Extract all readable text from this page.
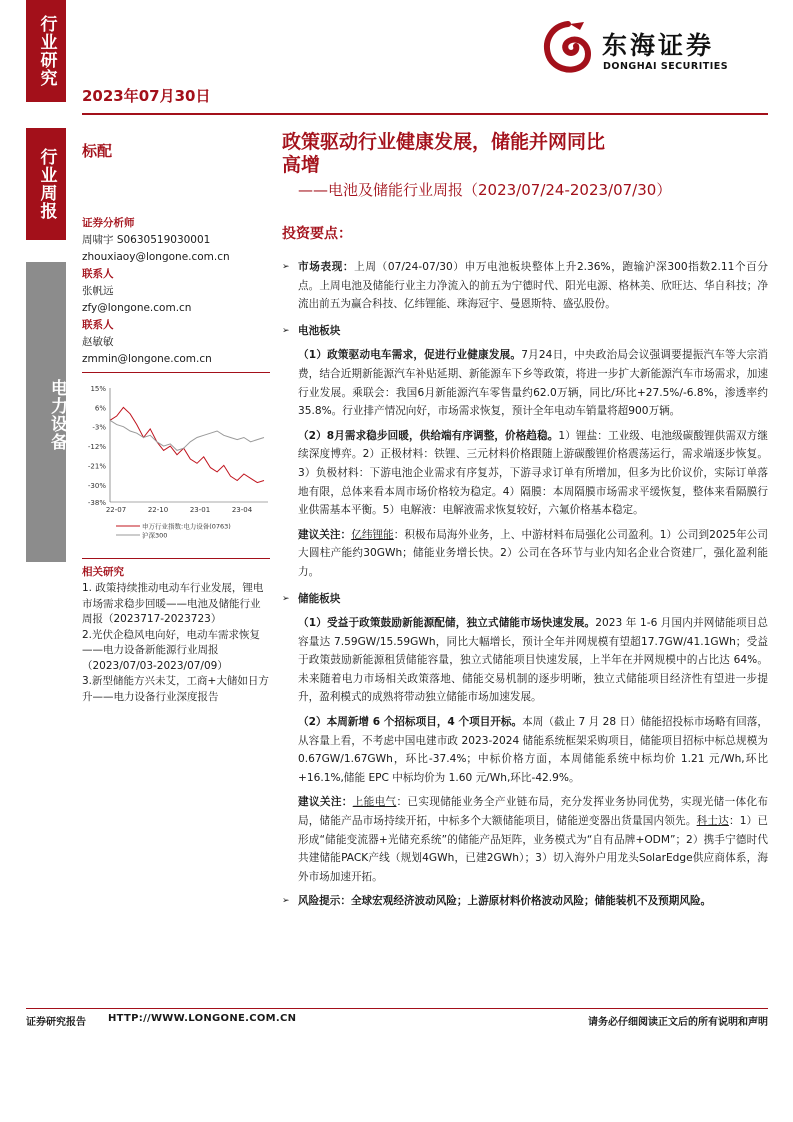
行业研究
行业周报
电力设备
2023年07月30日
东海证券
DONGHAI SECURITIES
标配	政策驱动行业健康发展，储能并网同比
高增
——电池及储能行业周报（2023/07/24-2023/07/30）

证券分析师

周啸宇 S0630519030001

zhouxiaoy@longone.com.cn

联系人

张帆远

zfy@longone.com.cn

联系人

赵敏敏

zmmin@longone.com.cn

15%
6%
-3%
-12%
-21%
-30%
-38%
22-07	22-10	23-01	23-04
申万行业指数:电力设备(0763)
沪深300

相关研究

1. 政策持续推动电动车行业发展，锂电市场需求稳步回暖——电池及储能行业周报（2023717-2023723）

2.光伏企稳风电向好，电动车需求恢复——电力设备新能源行业周报（2023/07/03-2023/07/09）

3.新型储能方兴未艾，工商+大储如日方升——电力设备行业深度报告

投资要点：

➢ 市场表现：上周（07/24-07/30）申万电池板块整体上升2.36%，跑输沪深300指数2.11个百分点。上周电池及储能行业主力净流入的前五为宁德时代、阳光电源、格林美、欣旺达、华自科技；净流出前五为赢合科技、亿纬锂能、珠海冠宇、曼恩斯特、盛弘股份。

➢ 电池板块

（1）政策驱动电车需求，促进行业健康发展。7月24日，中央政治局会议强调要提振汽车等大宗消费，结合近期新能源汽车补贴延期、新能源车下乡等政策，将进一步扩大新能源汽车市场需求，加速行业发展。乘联会：我国6月新能源汽车零售量约62.0万辆，同比/环比+27.5%/-6.8%，渗透率约35.8%。行业排产情况向好，市场需求恢复，预计全年电动车销量将超900万辆。

（2）8月需求稳步回暖，供给端有序调整，价格趋稳。1）锂盐：工业级、电池级碳酸锂供需双方继续深度博弈。2）正极材料：铁锂、三元材料价格跟随上游碳酸锂价格震荡运行，需求端逐步恢复。3）负极材料：下游电池企业需求有序复苏，下游寻求订单有所增加，但多为比价议价，实际订单落地有限，总体来看本周市场价格较为稳定。4）隔膜：本周隔膜市场需求平缓恢复，整体来看隔膜行业供需基本平衡。5）电解液：电解液需求恢复较好，六氟价格基本稳定。

建议关注：亿纬锂能：积极布局海外业务，上、中游材料布局强化公司盈利。1）公司到2025年公司大圆柱产能约30GWh；储能业务增长快。2）公司在各环节与业内知名企业合资建厂，强化盈利能力。

➢ 储能板块

（1）受益于政策鼓励新能源配储，独立式储能市场快速发展。2023 年 1-6 月国内并网储能项目总容量达 7.59GW/15.59GWh，同比大幅增长，预计全年并网规模有望超17.7GW/41.1GWh；受益于政策鼓励新能源租赁储能容量，独立式储能项目快速发展，上半年在并网规模中的占比达 64%。未来随着电力市场相关政策落地、储能交易机制的逐步明晰，独立式储能项目经济性有望进一步提升，盈利模式的成熟将带动独立储能市场加速发展。

（2）本周新增 6 个招标项目，4 个项目开标。本周（截止 7 月 28 日）储能招投标市场略有回落，从容量上看，不考虑中国电建市政 2023-2024 储能系统框架采购项目，储能项目招标中标总规模为 0.67GW/1.67GWh，环比-37.4%；中标价格方面，本周储能系统中标均价 1.21 元/Wh,环比+16.1%,储能 EPC 中标均价为 1.60 元/Wh,环比-42.9%。

建议关注：上能电气：已实现储能业务全产业链布局，充分发挥业务协同优势，实现光储一体化布局，储能产品市场持续开拓，中标多个大额储能项目，储能逆变器出货量国内领先。科士达：1）已形成“储能变流器+光储充系统”的储能产品矩阵，业务模式为“自有品牌+ODM”；2）携手宁德时代共建储能PACK产线（规划4GWh，已建2GWh）；3）切入海外户用龙头SolarEdge供应商体系，海外市场加速开拓。

➢ 风险提示：全球宏观经济波动风险；上游原材料价格波动风险；储能装机不及预期风险。

证券研究报告 HTTP://WWW.LONGONE.COM.CN	请务必仔细阅读正文后的所有说明和声明
